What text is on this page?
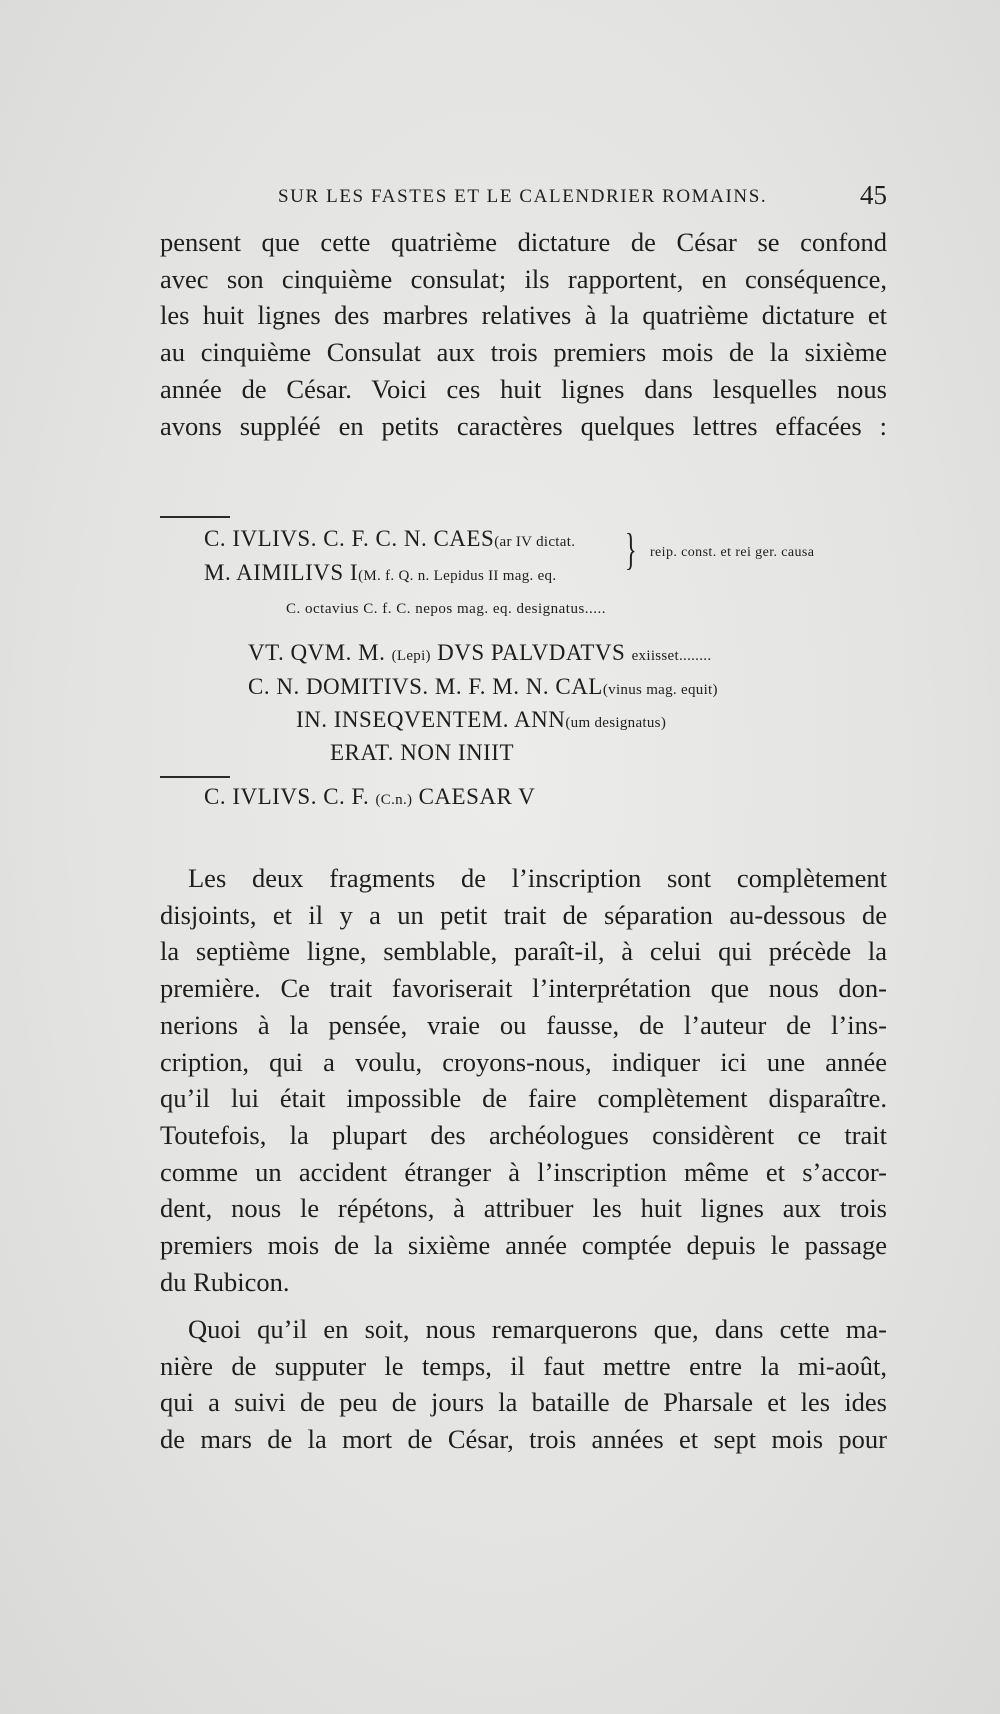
SUR LES FASTES ET LE CALENDRIER ROMAINS.	45
pensent que cette quatrième dictature de César se confond
avec son cinquième consulat; ils rapportent, en conséquence,
les huit lignes des marbres relatives à la quatrième dictature et
au cinquième Consulat aux trois premiers mois de la sixième
année de César. Voici ces huit lignes dans lesquelles nous
avons suppléé en petits caractères quelques lettres effacées :
C. IVLIVS. C. F. C. N. CAES(ar IV dictat.
M. AIMILIVS I(M. f. Q. n. Lepidus II mag. eq.
} reip. const. et rei ger. causa
C. octavius C. f. C. nepos mag. eq. designatus.....
VT. QVM. M. (Lepi) DVS PALVDATVS exiisset........
C. N. DOMITIVS. M. F. M. N. CAL(vinus mag. equit)
IN. INSEQVENTEM. ANN(um designatus)
ERAT. NON INIIT
C. IVLIVS. C. F. (C.n.) CAESAR V
Les deux fragments de l’inscription sont complètement
disjoints, et il y a un petit trait de séparation au-dessous de
la septième ligne, semblable, paraît-il, à celui qui précède la
première. Ce trait favoriserait l’interprétation que nous don-
nerions à la pensée, vraie ou fausse, de l’auteur de l’ins-
cription, qui a voulu, croyons-nous, indiquer ici une année
qu’il lui était impossible de faire complètement disparaître.
Toutefois, la plupart des archéologues considèrent ce trait
comme un accident étranger à l’inscription même et s’accor-
dent, nous le répétons, à attribuer les huit lignes aux trois
premiers mois de la sixième année comptée depuis le passage
du Rubicon.
Quoi qu’il en soit, nous remarquerons que, dans cette ma-
nière de supputer le temps, il faut mettre entre la mi-août,
qui a suivi de peu de jours la bataille de Pharsale et les ides
de mars de la mort de César, trois années et sept mois pour
